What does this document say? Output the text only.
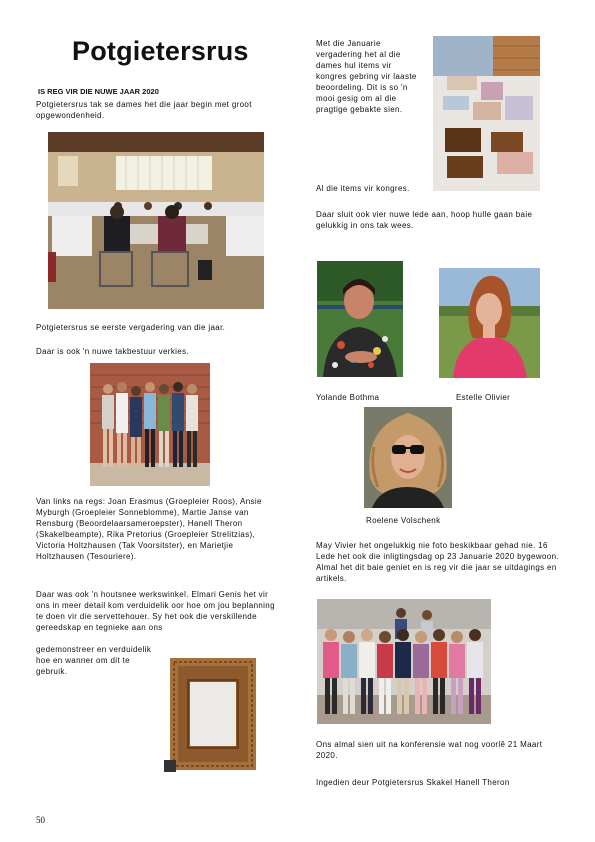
Potgietersrus
IS REG VIR DIE NUWE JAAR 2020
Potgietersrus tak se dames het die jaar begin met groot opgewondenheid.
Potgietersrus se eerste vergadering van die jaar.
Daar is ook 'n nuwe takbestuur verkies.
Van links na regs: Joan Erasmus (Groepleier Roos), Ansie Myburgh (Groepleier Sonneblomme), Martie Janse van Rensburg (Beoordelaarsameroepster), Hanell Theron (Skakelbeampte), Rika Pretorius (Groepleier Strelitzias), Victoria Holtzhausen (Tak Voorsitster), en Marietjie Holtzhausen (Tesouriere).
Daar was ook 'n houtsnee werkswinkel. Elmari Genis het vir ons in meer detail kom verduidelik oor hoe om jou beplanning te doen vir die servettehouer. Sy het ook die verskillende gereedskap en tegnieke aan ons
gedemonstreer en verduidelik hoe en wanner om dit te gebruik.
50
Met die Januarie vergadering het al die dames hul items vir kongres gebring vir laaste beoordeling. Dit is so 'n mooi gesig om al die pragtige gebakte sien.
Al die items vir kongres.
Daar sluit ook vier nuwe lede aan, hoop hulle gaan baie gelukkig in ons tak wees.
Yolande Bothma	Estelle Olivier
Roelene Volschenk
May Vivier het ongelukkig nie foto beskikbaar gehad nie. 16 Lede het ook die inligtingsdag op 23 Januarie 2020 bygewoon. Almal het dit baie geniet en is reg vir die jaar se uitdagings en artikels.
Ons almal sien uit na konferensie wat nog voorlê 21 Maart 2020.
Ingedien deur Potgietersrus Skakel Hanell Theron
